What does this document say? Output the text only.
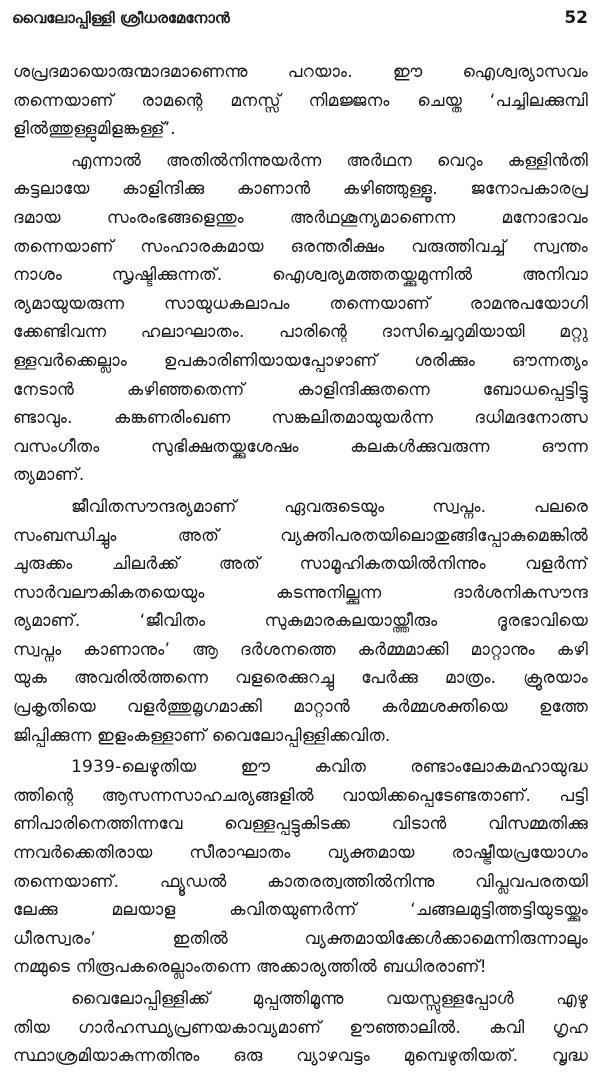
വൈലോപ്പിള്ളി ശ്രീധരമേനോൻ	52
ശപ്രദമായൊരുന്മാദമാണെന്നു പറയാം. ഈ ഐശ്വര്യാസവം
തന്നെയാണ് രാമന്റെ മനസ്സ് നിമജ്ജനം ചെയ്ത ‘പച്ചിലക്കുമ്പി
ളിൽത്തുള്ളുമിളങ്കള്ള്’.
എന്നാൽ അതിൽനിന്നുയർന്ന അർഥന വെറും കള്ളിൻതി
കട്ടലായേ കാളിന്ദിക്കു കാണാൻ കഴിഞ്ഞുള്ളൂ. ജനോപകാരപ്ര
ദമായ സംരംഭങ്ങളെന്തും അർഥശൂന്യമാണെന്ന മനോഭാവം
തന്നെയാണ് സംഹാരകമായ ഒരന്തരീക്ഷം വരുത്തിവച്ച് സ്വന്തം
നാശം സൃഷ്ടിക്കുന്നത്. ഐശ്വര്യമത്തതയ്ക്കുമുന്നിൽ അനിവാ
ര്യമായുയരുന്ന സായുധകലാപം തന്നെയാണ് രാമനുപയോഗി
ക്കേണ്ടിവന്ന ഹലാഘാതം. പാരിന്റെ ദാസിച്ചെറുമിയായി മറ്റു
ള്ളവർക്കെല്ലാം ഉപകാരിണിയായപ്പോഴാണ് ശരിക്കും ഔന്നത്യം
നേടാൻ കഴിഞ്ഞതെന്ന് കാളിന്ദിക്കുതന്നെ ബോധപ്പെട്ടിട്ടു
ണ്ടാവും. കങ്കണരിംഖണ സങ്കലിതമായുയർന്ന ദധിമദനോത്സ
വസംഗീതം സുഭിക്ഷതയ്ക്കുശേഷം കലകൾക്കുവരുന്ന ഔന്ന
ത്യമാണ്.
ജീവിതസൗന്ദര്യമാണ് ഏവരുടെയും സ്വപ്നം. പലരെ
സംബന്ധിച്ചും അത് വ്യക്തിപരതയിലൊതുങ്ങിപ്പോകുമെങ്കിൽ
ചുരുക്കം ചിലർക്ക് അത് സാമൂഹികതയിൽനിന്നും വളർന്ന്
സാർവലൗകികതയെയും കടന്നുനില്ക്കുന്ന ദാർശനികസൗന്ദ
ര്യമാണ്. ‘ജീവിതം സുകുമാരകലയായ്ത്തീരും ദൂരഭാവിയെ
സ്വപ്നം കാണാനും’ ആ ദർശനത്തെ കർമ്മമാക്കി മാറ്റാനും കഴി
യുക അവരിൽത്തന്നെ വളരെക്കുറച്ചു പേർക്കു മാത്രം. ക്രൂരയാം
പ്രകൃതിയെ വളർത്തുമൃഗമാക്കി മാറ്റാൻ കർമ്മശക്തിയെ ഉത്തേ
ജിപ്പിക്കുന്ന ഇളംകള്ളാണ് വൈലോപ്പിള്ളിക്കവിത.
1939-ലെഴുതിയ ഈ കവിത രണ്ടാംലോകമഹായുദ്ധ
ത്തിന്റെ ആസന്നസാഹചര്യങ്ങളിൽ വായിക്കപ്പെടേണ്ടതാണ്. പട്ടി
ണിപാരിനെത്തിന്നവേ വെള്ളപ്പട്ടുകിടക്ക വിടാൻ വിസമ്മതിക്കു
ന്നവർക്കെതിരായ സീരാഘാതം വ്യക്തമായ രാഷ്ട്രീയപ്രയോഗം
തന്നെയാണ്. ഫ്യൂഡൽ കാതരത്വത്തിൽനിന്നു വിപ്ലവപരതയി
ലേക്കു മലയാള കവിതയുണർന്ന് ‘ചങ്ങലമുട്ടിത്തട്ടിയുടയ്ക്കും
ധീരസ്വരം’ ഇതിൽ വ്യക്തമായിക്കേൾക്കാമെന്നിരുന്നാലും
നമ്മുടെ നിരൂപകരെല്ലാംതന്നെ അക്കാര്യത്തിൽ ബധിരരാണ്!
വൈലോപ്പിള്ളിക്ക് മുപ്പത്തിമൂന്നു വയസ്സുള്ളപ്പോൾ എഴു
തിയ ഗാർഹസ്ഥ്യപ്രണയകാവ്യമാണ് ഊഞ്ഞാലിൽ. കവി ഗൃഹ
സ്ഥാശ്രമിയാകുന്നതിനും ഒരു വ്യാഴവട്ടം മുമ്പെഴുതിയത്. വൃദ്ധ
